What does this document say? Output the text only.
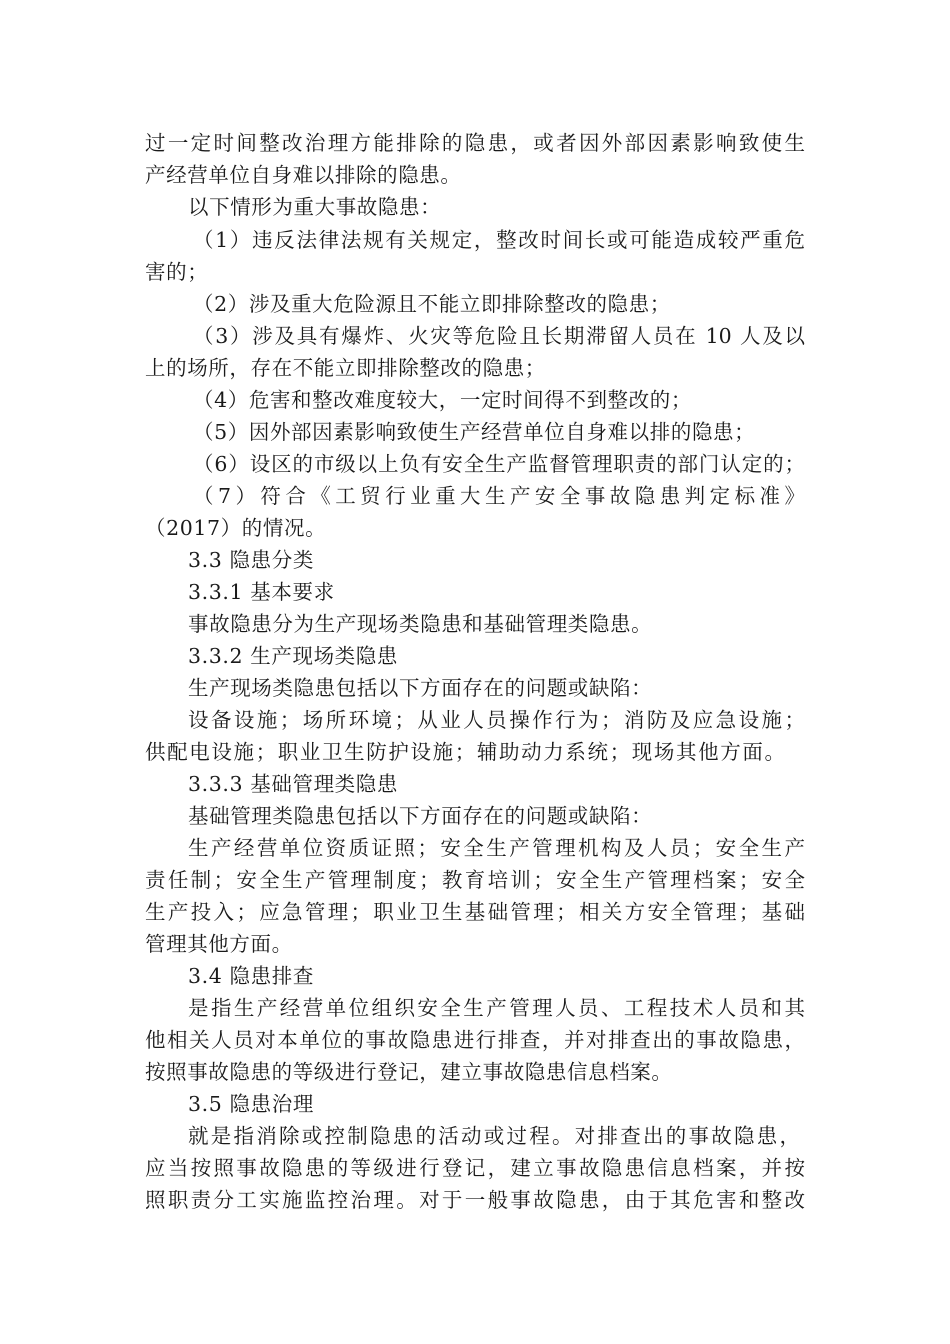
过一定时间整改治理方能排除的隐患，或者因外部因素影响致使生
产经营单位自身难以排除的隐患。
以下情形为重大事故隐患：
（1）违反法律法规有关规定，整改时间长或可能造成较严重危
害的；
（2）涉及重大危险源且不能立即排除整改的隐患；
（3）涉及具有爆炸、火灾等危险且长期滞留人员在 10 人及以
上的场所，存在不能立即排除整改的隐患；
（4）危害和整改难度较大，一定时间得不到整改的；
（5）因外部因素影响致使生产经营单位自身难以排的隐患；
（6）设区的市级以上负有安全生产监督管理职责的部门认定的；
（7）符合《工贸行业重大生产安全事故隐患判定标准》
（2017）的情况。
3.3 隐患分类
3.3.1 基本要求
事故隐患分为生产现场类隐患和基础管理类隐患。
3.3.2 生产现场类隐患
生产现场类隐患包括以下方面存在的问题或缺陷：
设备设施；场所环境；从业人员操作行为；消防及应急设施；
供配电设施；职业卫生防护设施；辅助动力系统；现场其他方面。
3.3.3 基础管理类隐患
基础管理类隐患包括以下方面存在的问题或缺陷：
生产经营单位资质证照；安全生产管理机构及人员；安全生产
责任制；安全生产管理制度；教育培训；安全生产管理档案；安全
生产投入；应急管理；职业卫生基础管理；相关方安全管理；基础
管理其他方面。
3.4 隐患排查
是指生产经营单位组织安全生产管理人员、工程技术人员和其
他相关人员对本单位的事故隐患进行排查，并对排查出的事故隐患，
按照事故隐患的等级进行登记，建立事故隐患信息档案。
3.5 隐患治理
就是指消除或控制隐患的活动或过程。对排查出的事故隐患，
应当按照事故隐患的等级进行登记，建立事故隐患信息档案，并按
照职责分工实施监控治理。对于一般事故隐患，由于其危害和整改
